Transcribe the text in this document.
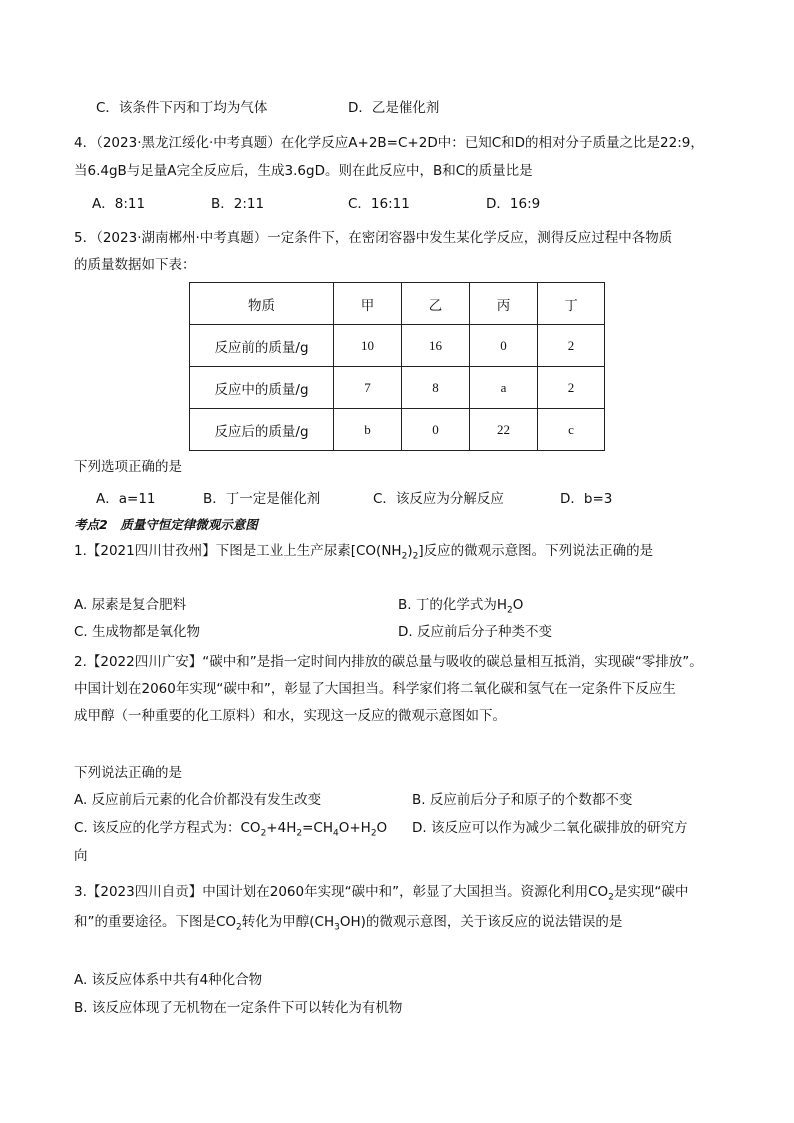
C．该条件下丙和丁均为气体	D．乙是催化剂
4．（2023·黑龙江绥化·中考真题）在化学反应A+2B=C+2D中：已知C和D的相对分子质量之比是22:9，
当6.4gB与足量A完全反应后，生成3.6gD。则在此反应中，B和C的质量比是
A．8:11	B．2:11	C．16:11	D．16:9
5．（2023·湖南郴州·中考真题）一定条件下，在密闭容器中发生某化学反应，测得反应过程中各物质
的质量数据如下表：
物质	甲	乙	丙	丁
反应前的质量/g	10	16	0	2
反应中的质量/g	7	8	a	2
反应后的质量/g	b	0	22	c
下列选项正确的是
A．a=11	B．丁一定是催化剂	C．该反应为分解反应	D．b=3
考点2　质量守恒定律微观示意图
1.【2021四川甘孜州】下图是工业上生产尿素$[CO(NH_2)_2]$反应的微观示意图。下列说法正确的是
A. 尿素是复合肥料	B. 丁的化学式为$H_2O$
C. 生成物都是氧化物	D. 反应前后分子种类不变
2.【2022四川广安】“碳中和”是指一定时间内排放的碳总量与吸收的碳总量相互抵消，实现碳“零排放”。
中国计划在2060年实现“碳中和”，彰显了大国担当。科学家们将二氧化碳和氢气在一定条件下反应生
成甲醇（一种重要的化工原料）和水，实现这一反应的微观示意图如下。
下列说法正确的是
A. 反应前后元素的化合价都没有发生改变	B. 反应前后分子和原子的个数都不变
C. 该反应的化学方程式为：$CO_2+4H_2=CH_4O+H_2O$ D. 该反应可以作为减少二氧化碳排放的研究方
向
3.【2023四川自贡】中国计划在2060年实现“碳中和”，彰显了大国担当。资源化利用$CO_2$是实现“碳中
和”的重要途径。下图是$CO_2$转化为甲醇$(CH_3OH)$的微观示意图，关于该反应的说法错误的是
A. 该反应体系中共有4种化合物
B. 该反应体现了无机物在一定条件下可以转化为有机物
